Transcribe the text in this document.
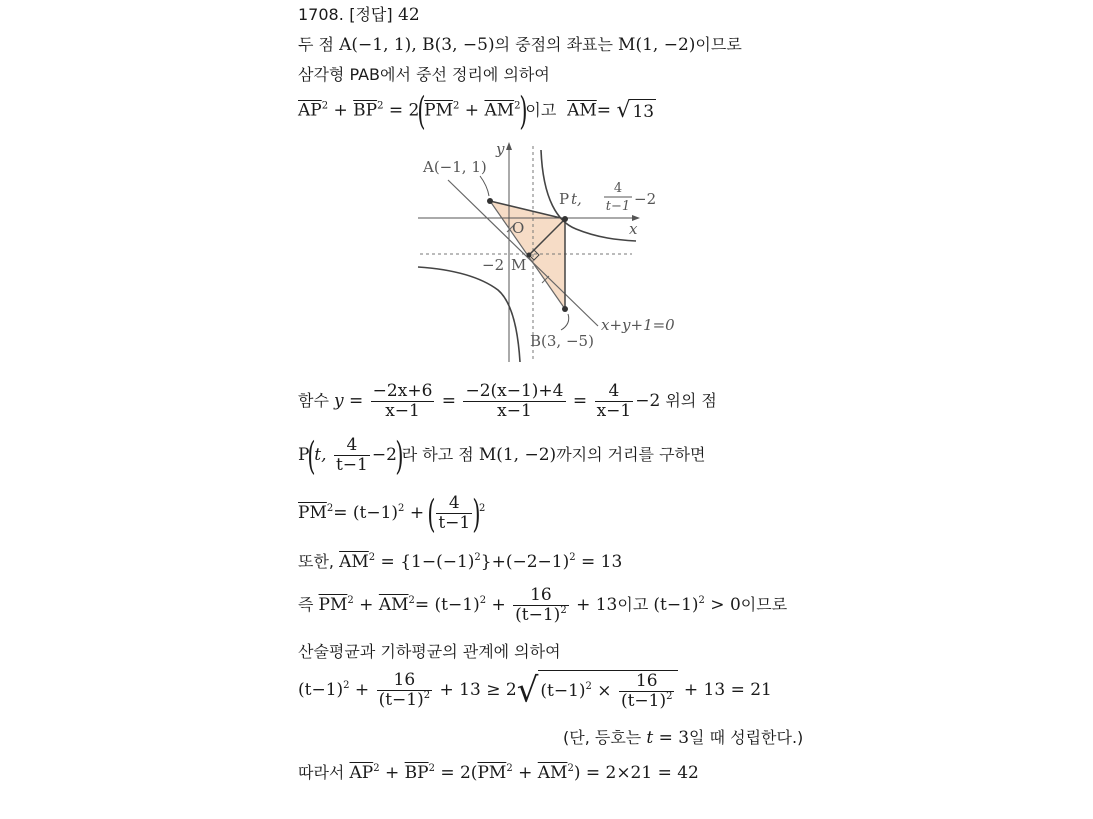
1708. [정답] 42
두 점 A(−1, 1), B(3, −5)의 중점의 좌표는 M(1, −2)이므로
삼각형 PAB에서 중선 정리에 의하여
$\overline{AP}^2 + \overline{BP}^2 = 2(\overline{PM}^2 + \overline{AM}^2)$이고 $\overline{AM}=$ √ 13
A(−1, 1)
P t,
4
t−1 −2
O	x
y
−2 M
B(3, −5)
x+y+1=0
함수 $y = \frac{-2x+6}{x-1} = \frac{-2(x-1)+4}{x-1} = \frac{4}{x-1} -2$ 위의 점
P(t, $\frac{4}{t-1} -2$)라 하고 점 M(1, −2)까지의 거리를 구하면
$\overline{PM}^2= (t-1)^2$ + ( $\frac{4}{t-1} )^2$
또한, $\overline{AM}^2 = \{1-(-1)^2\}+(-2-1)^2 = 13$
즉 $\overline{PM}^2 + \overline{AM}^2= (t-1)^2 + \frac{16}{(t-1)^2} + 13$이고 $(t-1)^2 > 0$이므로
산술평균과 기하평균의 관계에 의하여
$(t-1)^2 + \frac{16}{(t-1)^2} + 13 \ge 2√$ $(t-1)^2 \times \frac{16}{(t-1)^2} + 13 = 21$
(단, 등호는 t = 3일 때 성립한다.)
따라서 $\overline{AP}^2 + \overline{BP}^2 = 2(\overline{PM}^2 + \overline{AM}^2) = 2\times 21 = 42$
